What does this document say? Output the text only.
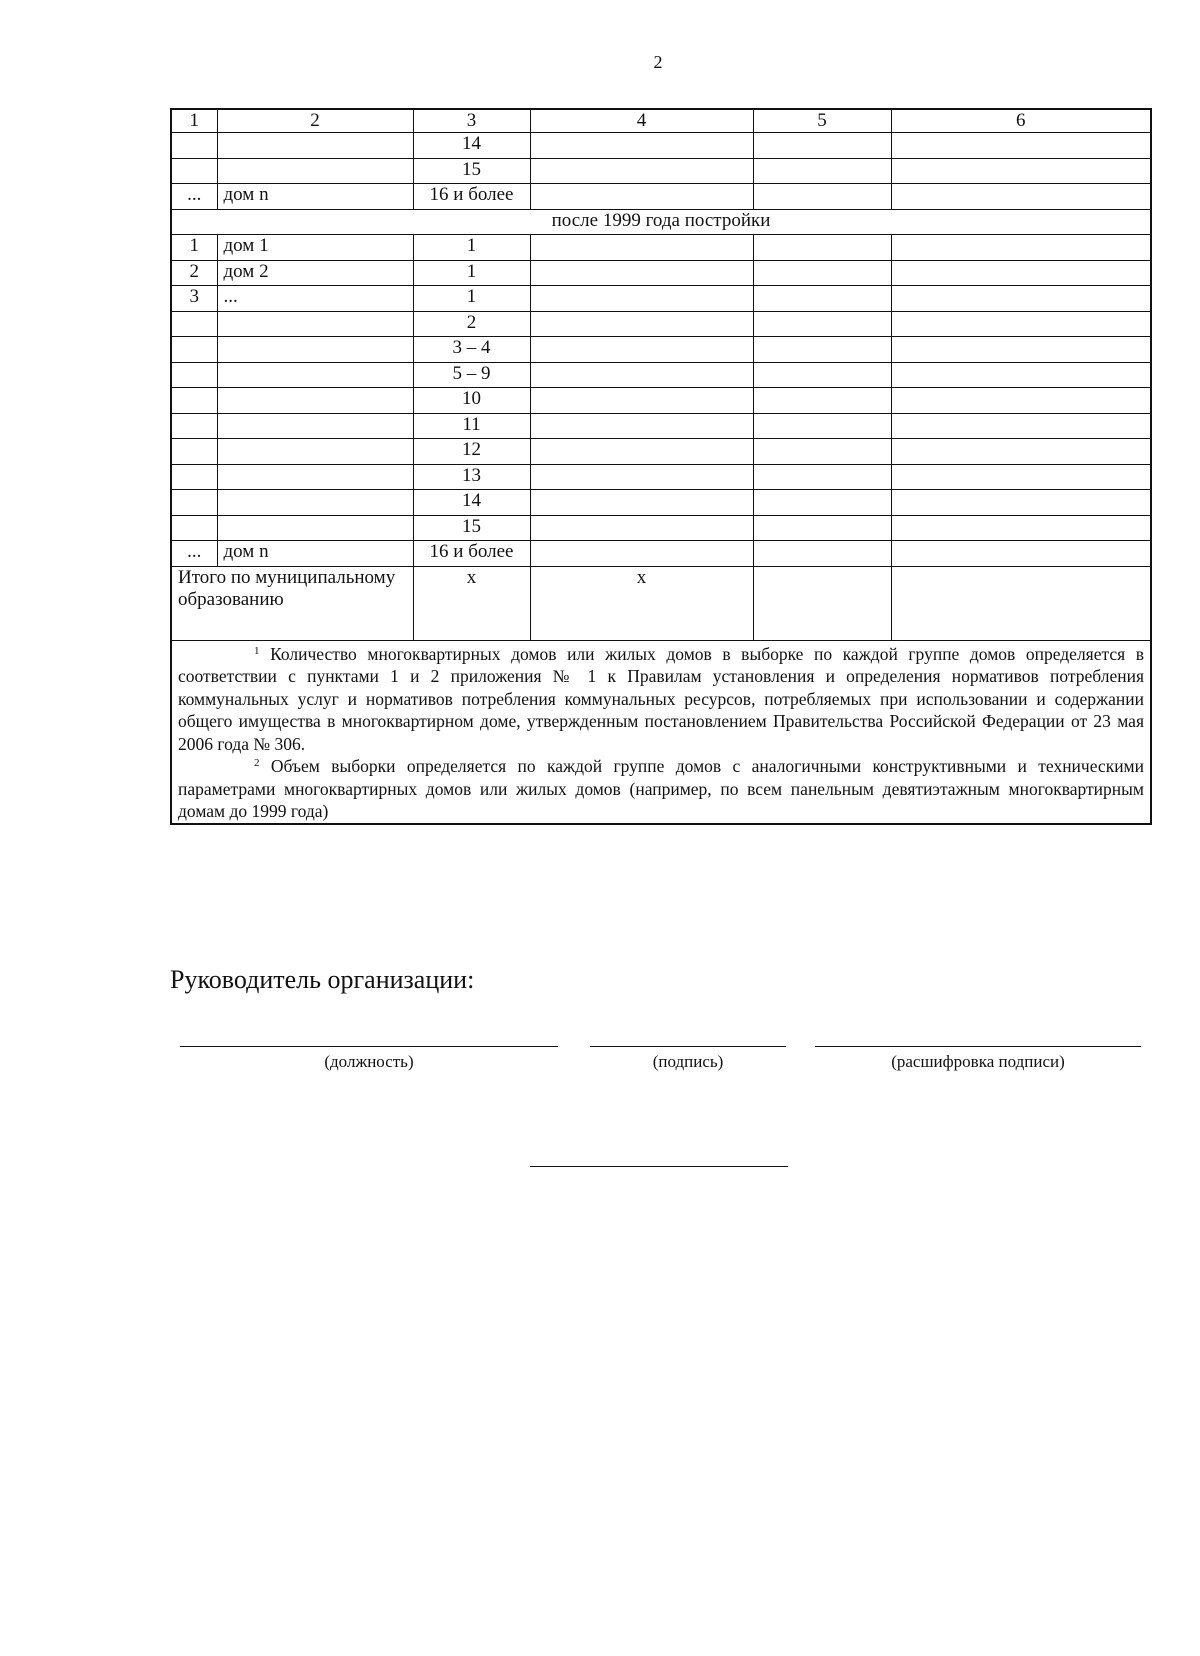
2
1	2	3	4	5	6
		14			
		15			
...	дом n	16 и более			
после 1999 года постройки					
1	дом 1	1			
2	дом 2	1			
3	...	1			
		2			
		3 – 4			
		5 – 9			
		10			
		11			
		12			
		13			
		14			
		15			
...	дом n	16 и более			
Итого по муниципальному образованию		х	х		

$^1$ Количество многоквартирных домов или жилых домов в выборке по каждой группе домов определяется в соответствии с пунктами 1 и 2 приложения № 1 к Правилам установления и определения нормативов потребления коммунальных услуг и нормативов потребления коммунальных ресурсов, потребляемых при использовании и содержании общего имущества в многоквартирном доме, утвержденным постановлением Правительства Российской Федерации от 23 мая 2006 года № 306.

$^2$ Объем выборки определяется по каждой группе домов с аналогичными конструктивными и техническими параметрами многоквартирных домов или жилых домов (например, по всем панельным девятиэтажным многоквартирным домам до 1999 года)					

Руководитель организации:
(должность)	(подпись)	(расшифровка подписи)
